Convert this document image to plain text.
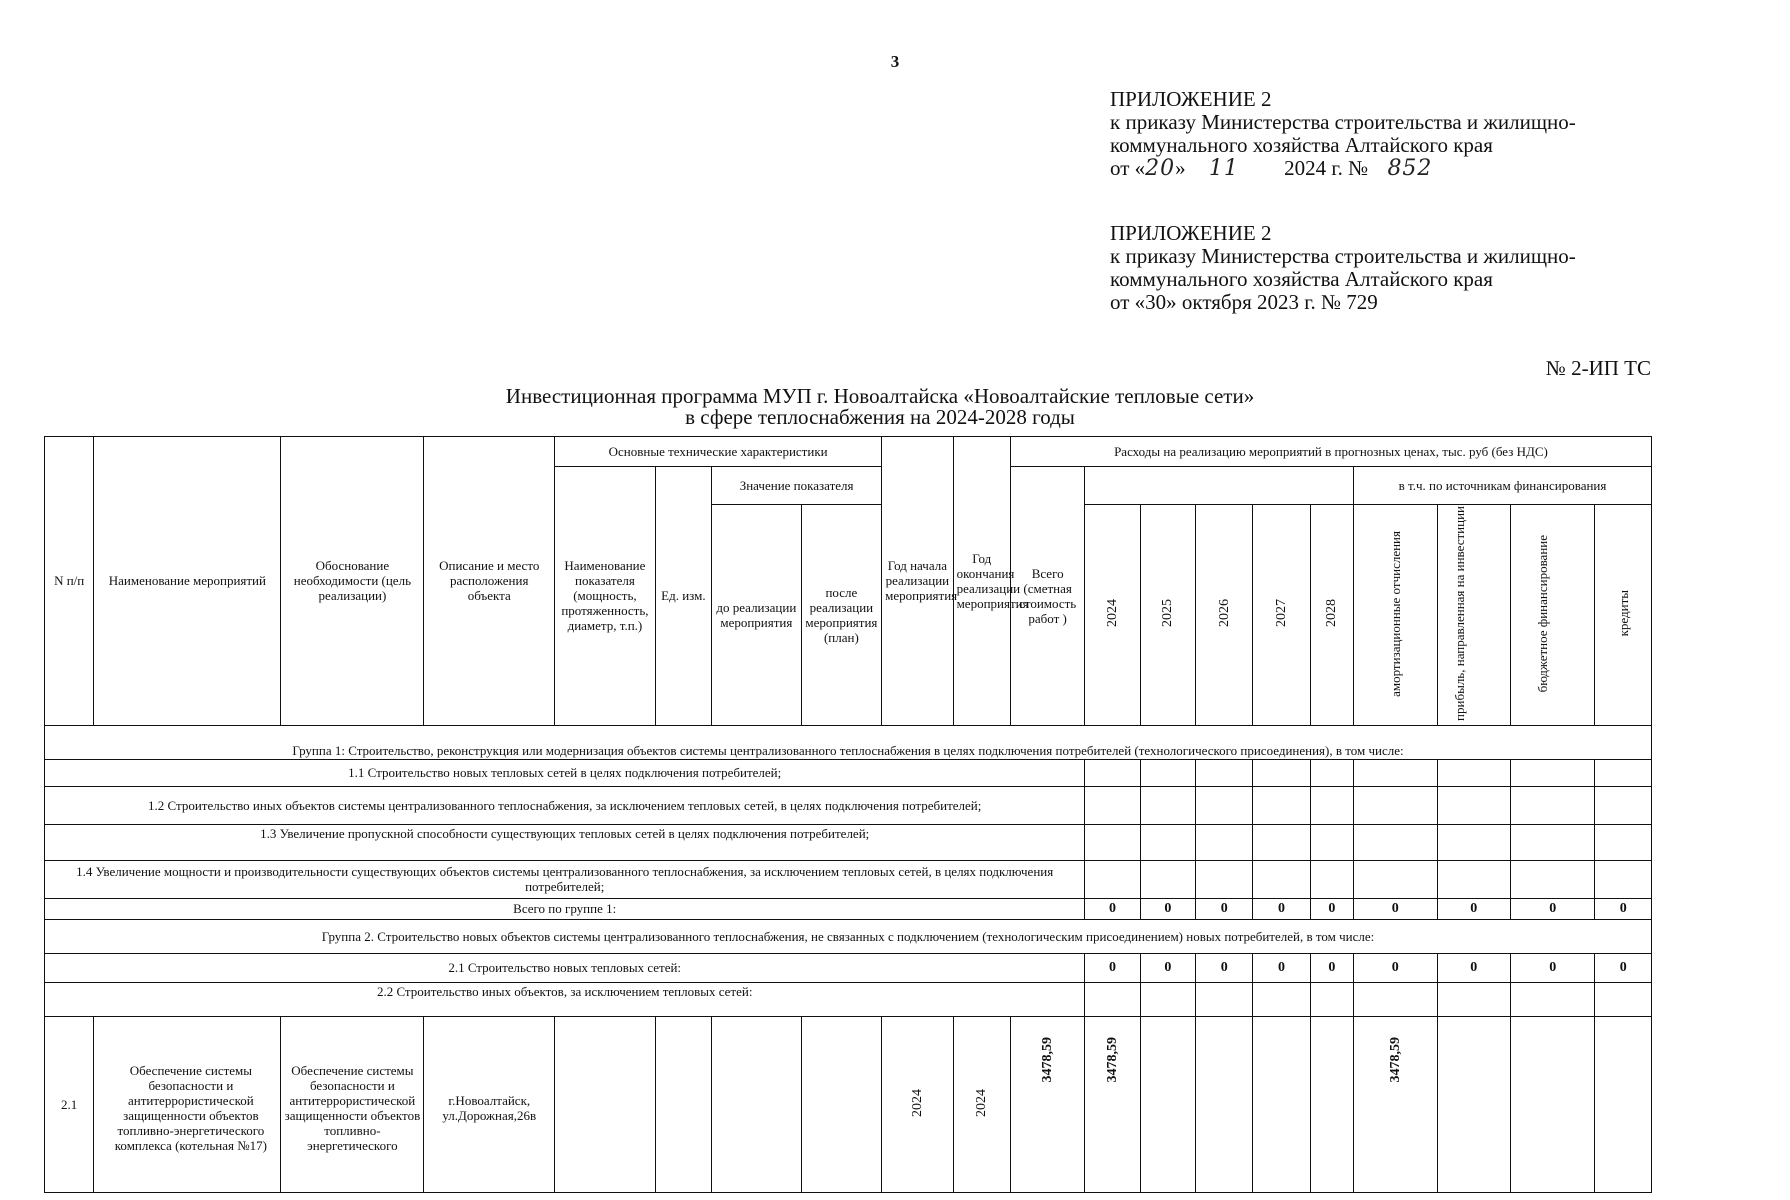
3
ПРИЛОЖЕНИЕ 2
к приказу Министерства строительства и жилищно-
коммунального хозяйства Алтайского края
от «20» 11 2024 г. № 852
ПРИЛОЖЕНИЕ 2
к приказу Министерства строительства и жилищно-
коммунального хозяйства Алтайского края
от «30» октября 2023 г. № 729
№ 2-ИП ТС
Инвестиционная программа МУП г. Новоалтайска «Новоалтайские тепловые сети»
в сфере теплоснабжения на 2024-2028 годы
N п/п	Наименование мероприятий	Обоснование необходимости (цель реализации)	Описание и место расположения объекта	Основные технические характеристики				Год начала реализации мероприятия	Год окончания реализации мероприятия	Расходы на реализацию мероприятий в прогнозных ценах, тыс. руб (без НДС)									
				Наименование показателя (мощность, протяженность, диаметр, т.п.)	Ед. изм.	Значение показателя				Всего (сметная стоимость работ )						в т.ч. по источникам финансирования			
						до реализации мероприятия	после реализации мероприятия (план)									амортизационные отчисления	прибыль, направленная на инвестиции	бюджетное финансирование	кредиты
											2024	2025	2026	2027	2028				
Группа 1: Строительство, реконструкция или модернизация объектов системы централизованного теплоснабжения в целях подключения потребителей (технологического присоединения), в том числе:																			
1.1 Строительство новых тепловых сетей в целях подключения потребителей;																			
1.2 Строительство иных объектов системы централизованного теплоснабжения, за исключением тепловых сетей, в целях подключения потребителей;																			
1.3 Увеличение пропускной способности существующих тепловых сетей в целях подключения потребителей;																			
1.4 Увеличение мощности и производительности существующих объектов системы централизованного теплоснабжения, за исключением тепловых сетей, в целях подключения потребителей;																			
Всего по группе 1:											0	0	0	0	0	0	0	0	0
Группа 2. Строительство новых объектов системы централизованного теплоснабжения, не связанных с подключением (технологическим присоединением) новых потребителей, в том числе:																			
2.1 Строительство новых тепловых сетей:											0	0	0	0	0	0	0	0	0
2.2 Строительство иных объектов, за исключением тепловых сетей:																			
2.1	Обеспечение системы безопасности и антитеррористической защищенности объектов топливно-энергетического комплекса (котельная №17)	Обеспечение системы безопасности и антитеррористической защищенности объектов топливно-энергетического	г.Новоалтайск, ул.Дорожная,26в					2024	2024	3478,59	3478,59					3478,59			
